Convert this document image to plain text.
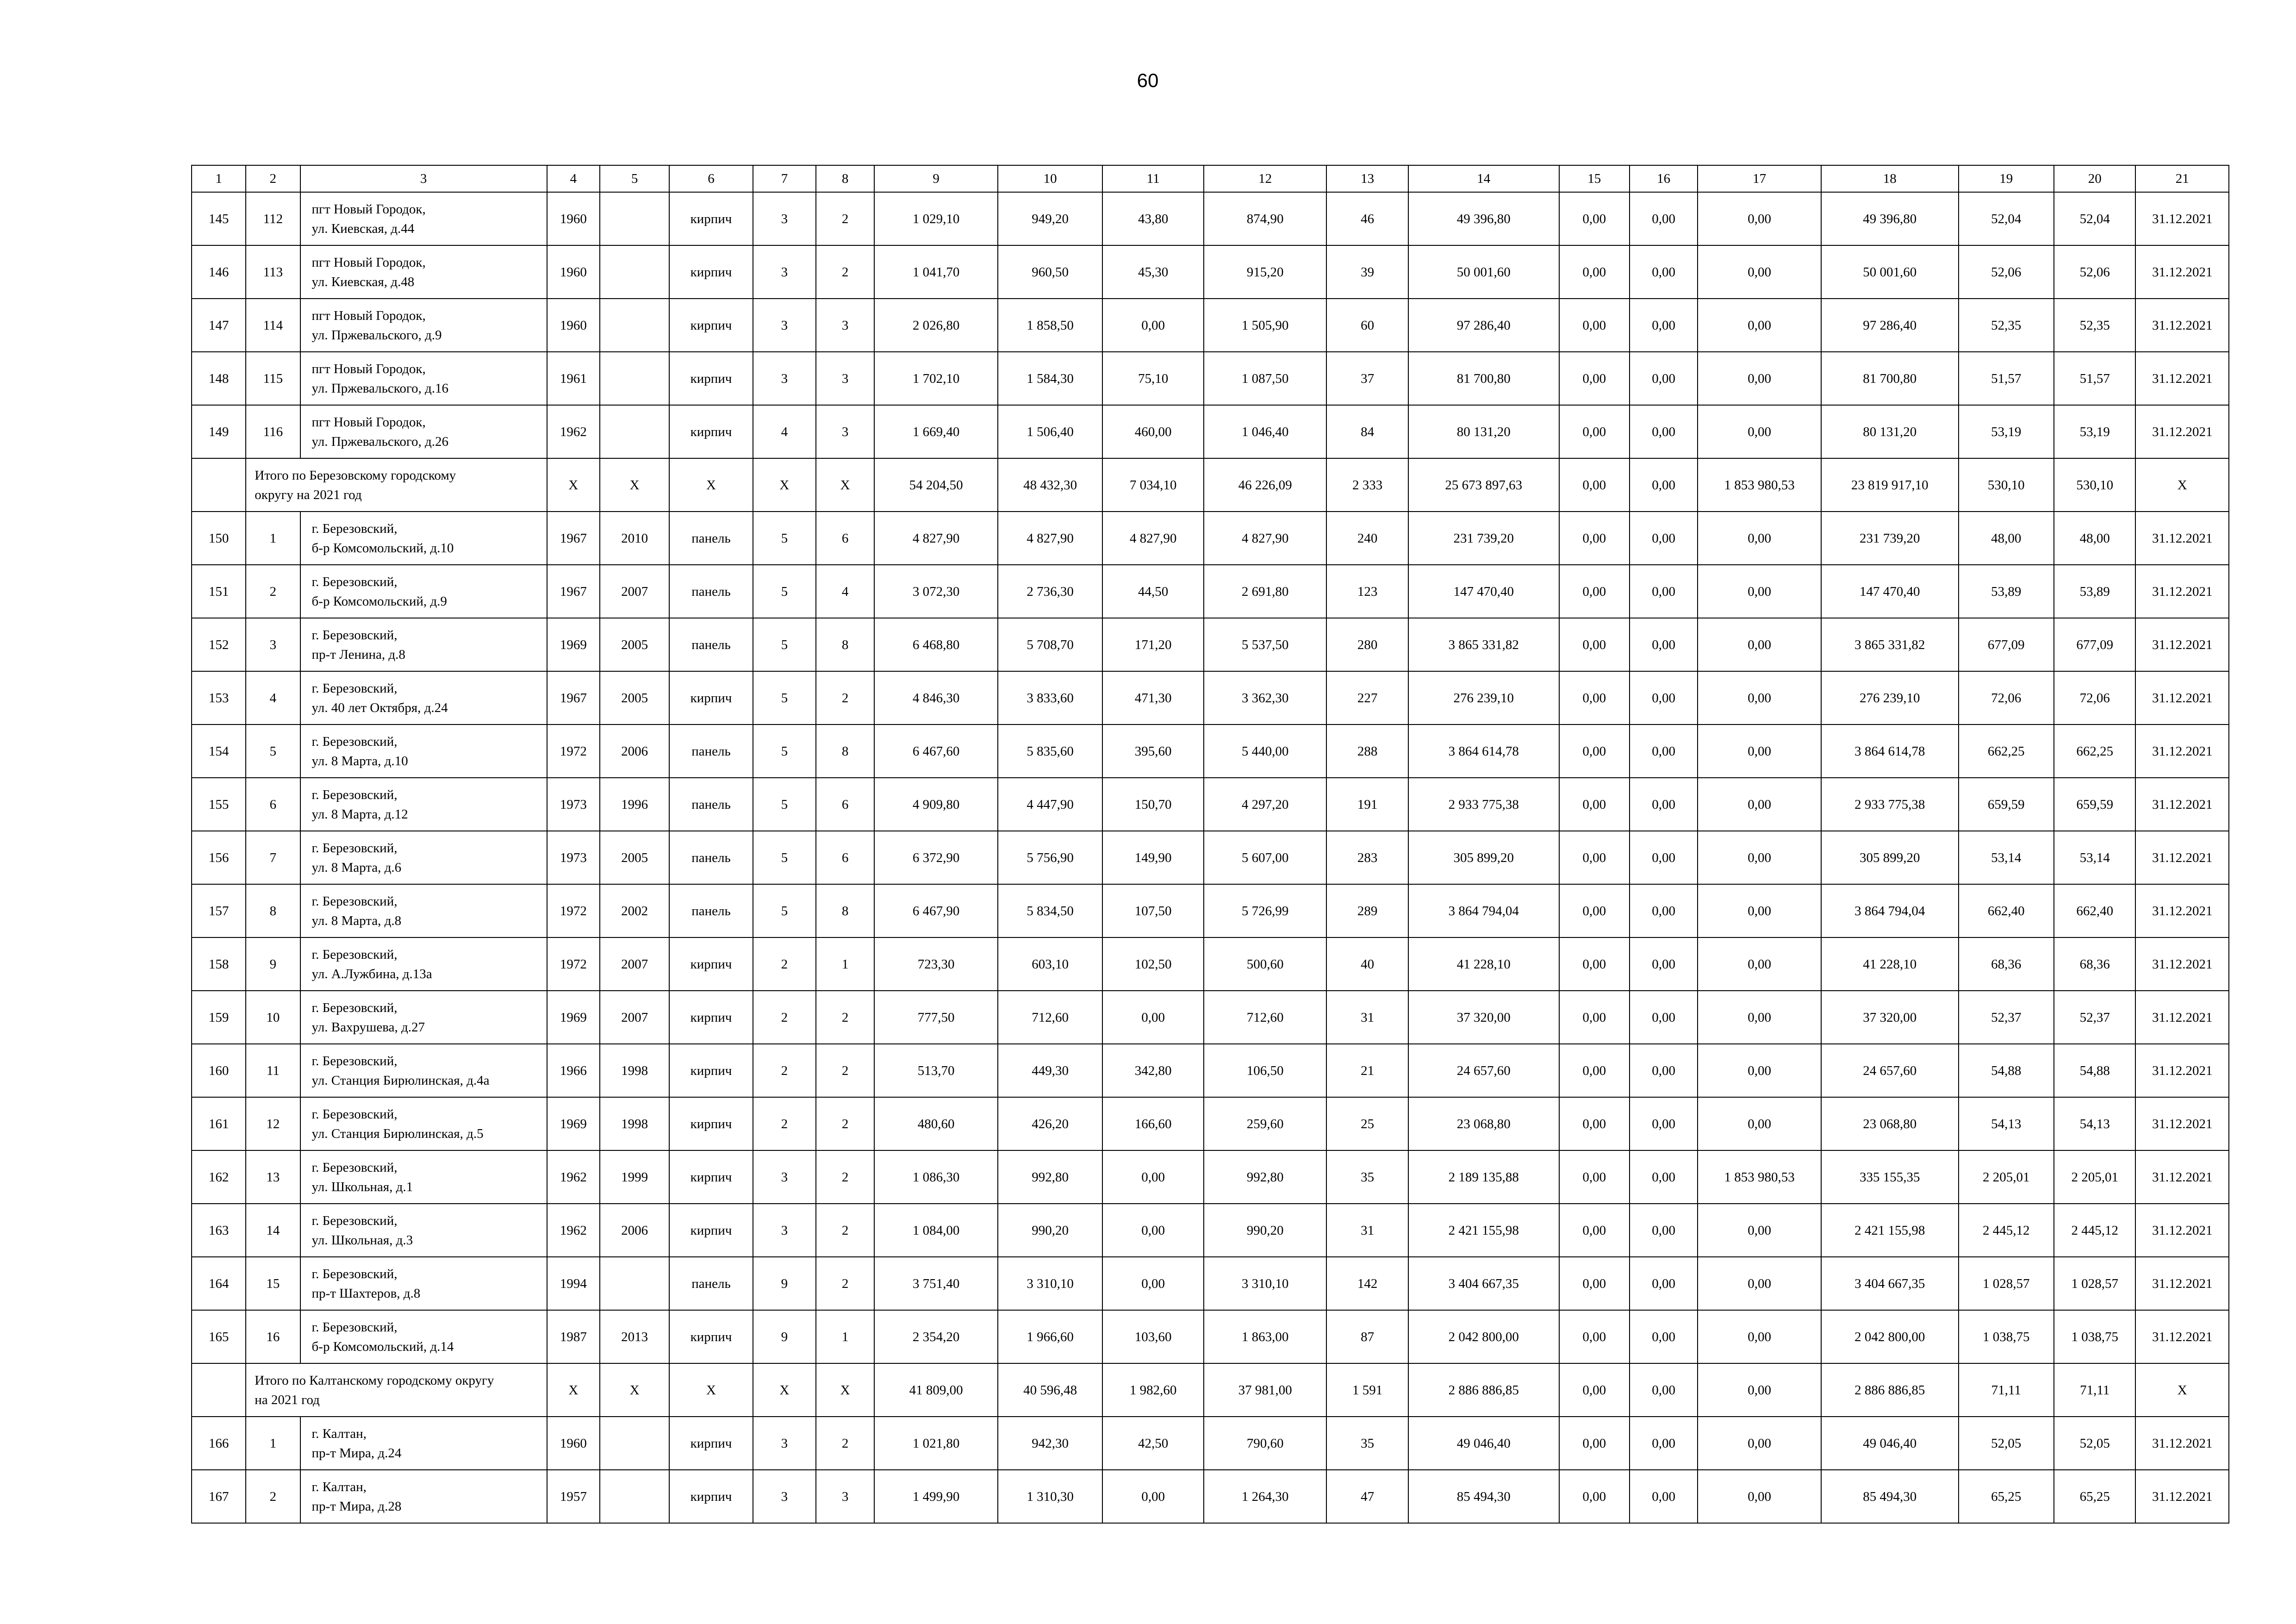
60
1	2	3	4	5	6	7	8	9	10	11	12	13	14	15	16	17	18	19	20	21
145	112	пгт Новый Городок,
ул. Киевская, д.44	1960		кирпич	3	2	1 029,10	949,20	43,80	874,90	46	49 396,80	0,00	0,00	0,00	49 396,80	52,04	52,04	31.12.2021
146	113	пгт Новый Городок,
ул. Киевская, д.48	1960		кирпич	3	2	1 041,70	960,50	45,30	915,20	39	50 001,60	0,00	0,00	0,00	50 001,60	52,06	52,06	31.12.2021
147	114	пгт Новый Городок,
ул. Пржевальского, д.9	1960		кирпич	3	3	2 026,80	1 858,50	0,00	1 505,90	60	97 286,40	0,00	0,00	0,00	97 286,40	52,35	52,35	31.12.2021
148	115	пгт Новый Городок,
ул. Пржевальского, д.16	1961		кирпич	3	3	1 702,10	1 584,30	75,10	1 087,50	37	81 700,80	0,00	0,00	0,00	81 700,80	51,57	51,57	31.12.2021
149	116	пгт Новый Городок,
ул. Пржевальского, д.26	1962		кирпич	4	3	1 669,40	1 506,40	460,00	1 046,40	84	80 131,20	0,00	0,00	0,00	80 131,20	53,19	53,19	31.12.2021

	Итого по Березовскому городскому
округу на 2021 год		X	X	X	X	X	54 204,50	48 432,30	7 034,10	46 226,09	2 333	25 673 897,63	0,00	0,00	1 853 980,53	23 819 917,10	530,10	530,10	X
150	1	г. Березовский,
б-р Комсомольский, д.10	1967	2010	панель	5	6	4 827,90	4 827,90	4 827,90	4 827,90	240	231 739,20	0,00	0,00	0,00	231 739,20	48,00	48,00	31.12.2021
151	2	г. Березовский,
б-р Комсомольский, д.9	1967	2007	панель	5	4	3 072,30	2 736,30	44,50	2 691,80	123	147 470,40	0,00	0,00	0,00	147 470,40	53,89	53,89	31.12.2021
152	3	г. Березовский,
пр-т Ленина, д.8	1969	2005	панель	5	8	6 468,80	5 708,70	171,20	5 537,50	280	3 865 331,82	0,00	0,00	0,00	3 865 331,82	677,09	677,09	31.12.2021
153	4	г. Березовский,
ул. 40 лет Октября, д.24	1967	2005	кирпич	5	2	4 846,30	3 833,60	471,30	3 362,30	227	276 239,10	0,00	0,00	0,00	276 239,10	72,06	72,06	31.12.2021
154	5	г. Березовский,
ул. 8 Марта, д.10	1972	2006	панель	5	8	6 467,60	5 835,60	395,60	5 440,00	288	3 864 614,78	0,00	0,00	0,00	3 864 614,78	662,25	662,25	31.12.2021
155	6	г. Березовский,
ул. 8 Марта, д.12	1973	1996	панель	5	6	4 909,80	4 447,90	150,70	4 297,20	191	2 933 775,38	0,00	0,00	0,00	2 933 775,38	659,59	659,59	31.12.2021
156	7	г. Березовский,
ул. 8 Марта, д.6	1973	2005	панель	5	6	6 372,90	5 756,90	149,90	5 607,00	283	305 899,20	0,00	0,00	0,00	305 899,20	53,14	53,14	31.12.2021
157	8	г. Березовский,
ул. 8 Марта, д.8	1972	2002	панель	5	8	6 467,90	5 834,50	107,50	5 726,99	289	3 864 794,04	0,00	0,00	0,00	3 864 794,04	662,40	662,40	31.12.2021
158	9	г. Березовский,
ул. А.Лужбина, д.13а	1972	2007	кирпич	2	1	723,30	603,10	102,50	500,60	40	41 228,10	0,00	0,00	0,00	41 228,10	68,36	68,36	31.12.2021
159	10	г. Березовский,
ул. Вахрушева, д.27	1969	2007	кирпич	2	2	777,50	712,60	0,00	712,60	31	37 320,00	0,00	0,00	0,00	37 320,00	52,37	52,37	31.12.2021
160	11	г. Березовский,
ул. Станция Бирюлинская, д.4а	1966	1998	кирпич	2	2	513,70	449,30	342,80	106,50	21	24 657,60	0,00	0,00	0,00	24 657,60	54,88	54,88	31.12.2021
161	12	г. Березовский,
ул. Станция Бирюлинская, д.5	1969	1998	кирпич	2	2	480,60	426,20	166,60	259,60	25	23 068,80	0,00	0,00	0,00	23 068,80	54,13	54,13	31.12.2021
162	13	г. Березовский,
ул. Школьная, д.1	1962	1999	кирпич	3	2	1 086,30	992,80	0,00	992,80	35	2 189 135,88	0,00	0,00	1 853 980,53	335 155,35	2 205,01	2 205,01	31.12.2021
163	14	г. Березовский,
ул. Школьная, д.3	1962	2006	кирпич	3	2	1 084,00	990,20	0,00	990,20	31	2 421 155,98	0,00	0,00	0,00	2 421 155,98	2 445,12	2 445,12	31.12.2021
164	15	г. Березовский,
пр-т Шахтеров, д.8	1994		панель	9	2	3 751,40	3 310,10	0,00	3 310,10	142	3 404 667,35	0,00	0,00	0,00	3 404 667,35	1 028,57	1 028,57	31.12.2021
165	16	г. Березовский,
б-р Комсомольский, д.14	1987	2013	кирпич	9	1	2 354,20	1 966,60	103,60	1 863,00	87	2 042 800,00	0,00	0,00	0,00	2 042 800,00	1 038,75	1 038,75	31.12.2021

	Итого по Калтанскому городскому округу
на 2021 год		X	X	X	X	X	41 809,00	40 596,48	1 982,60	37 981,00	1 591	2 886 886,85	0,00	0,00	0,00	2 886 886,85	71,11	71,11	X
166	1	г. Калтан,
пр-т Мира, д.24	1960		кирпич	3	2	1 021,80	942,30	42,50	790,60	35	49 046,40	0,00	0,00	0,00	49 046,40	52,05	52,05	31.12.2021
167	2	г. Калтан,
пр-т Мира, д.28	1957		кирпич	3	3	1 499,90	1 310,30	0,00	1 264,30	47	85 494,30	0,00	0,00	0,00	85 494,30	65,25	65,25	31.12.2021
